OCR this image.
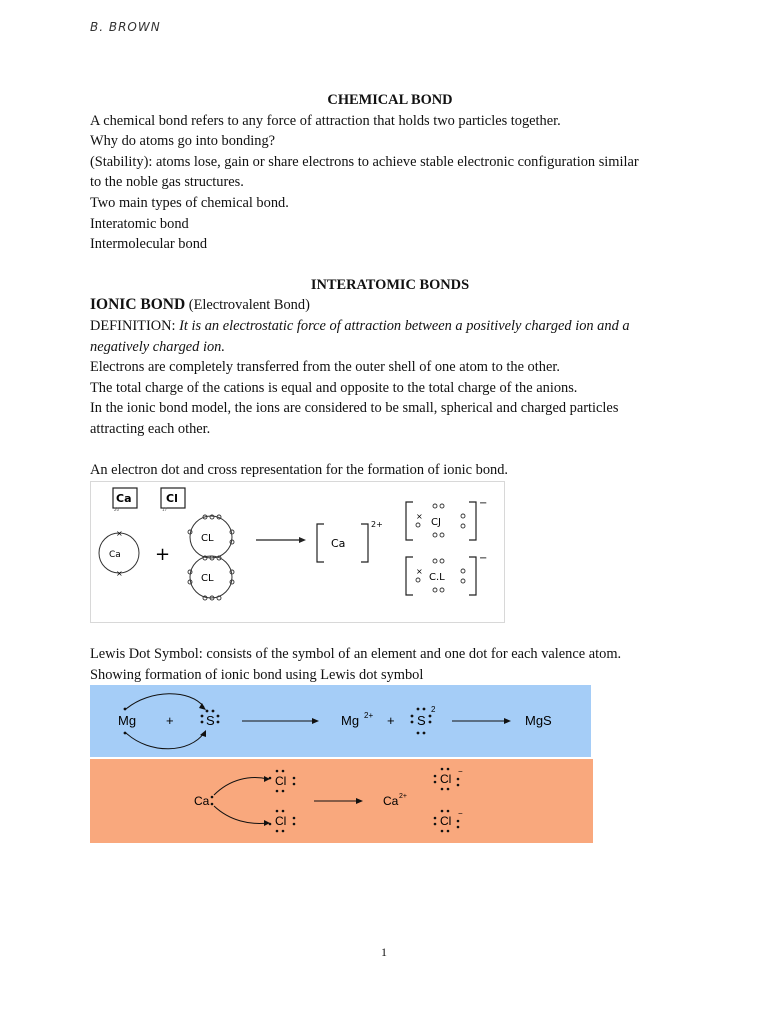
B. BROWN

CHEMICAL BOND

A chemical bond refers to any force of attraction that holds two particles together.

Why do atoms go into bonding?

(Stability): atoms lose, gain or share electrons to achieve stable electronic configuration similar

to the noble gas structures.

Two main types of chemical bond.

Interatomic bond

Intermolecular bond

INTERATOMIC BONDS

IONIC BOND (Electrovalent Bond)

DEFINITION: It is an electrostatic force of attraction between a positively charged ion and a

negatively charged ion.

Electrons are completely transferred from the outer shell of one atom to the other.

The total charge of the cations is equal and opposite to the total charge of the anions.

In the ionic bond model, the ions are considered to be small, spherical and charged particles

attracting each other.

An electron dot and cross representation for the formation of ionic bond.

Ca
20
Cl
17
Ca
×
×
+
CL
CL
Ca
2+	CJ
−
×
C.L
−
×

Lewis Dot Symbol: consists of the symbol of an element and one dot for each valence atom.

Showing formation of ionic bond using Lewis dot symbol

Mg + S	Mg 2+ + S
2
MgS
Ca
Cl
Cl
Ca 2+
Cl
−
Cl
−
1
